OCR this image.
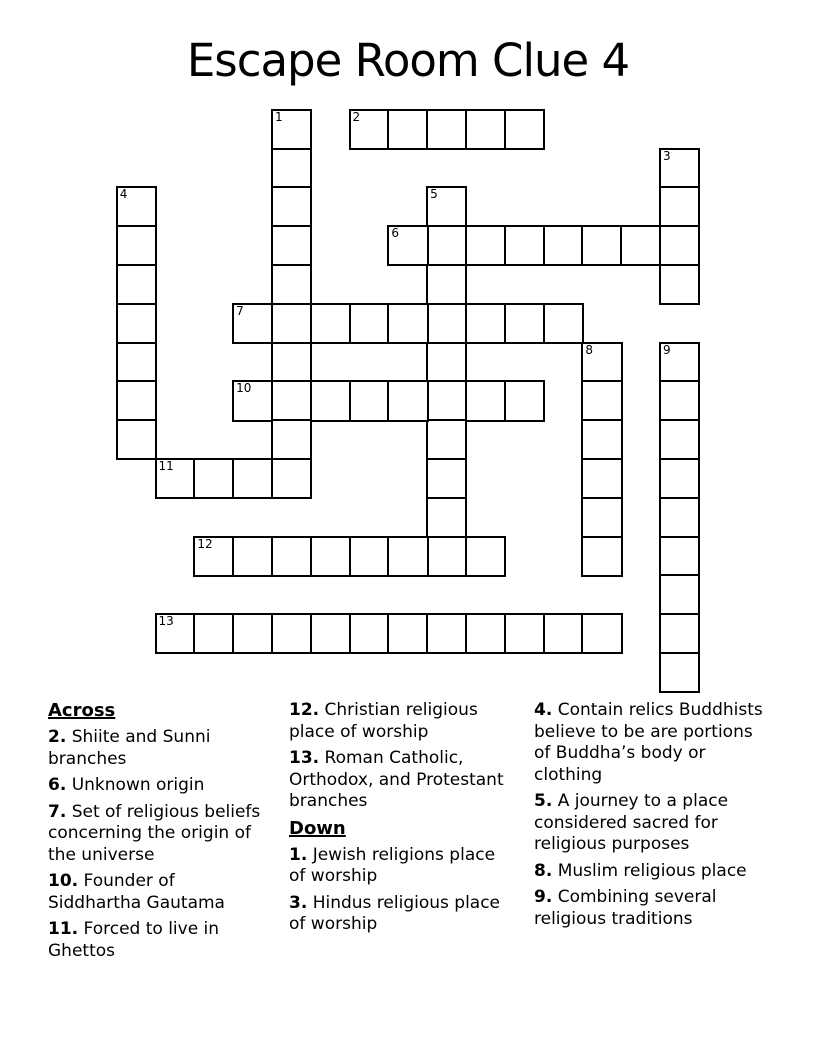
Escape Room Clue 4
1	2
3
4	5
6
7
8	9
10
11
12
13
Across

2. Shiite and Sunni branches

6. Unknown origin

7. Set of religious beliefs concerning the origin of the universe

10. Founder of Siddhartha Gautama

11. Forced to live in Ghettos

12. Christian religious place of worship

13. Roman Catholic, Orthodox, and Protestant branches

Down

1. Jewish religions place of worship

3. Hindus religious place of worship

4. Contain relics Buddhists believe to be are portions of Buddha’s body or clothing

5. A journey to a place considered sacred for religious purposes

8. Muslim religious place

9. Combining several religious traditions
